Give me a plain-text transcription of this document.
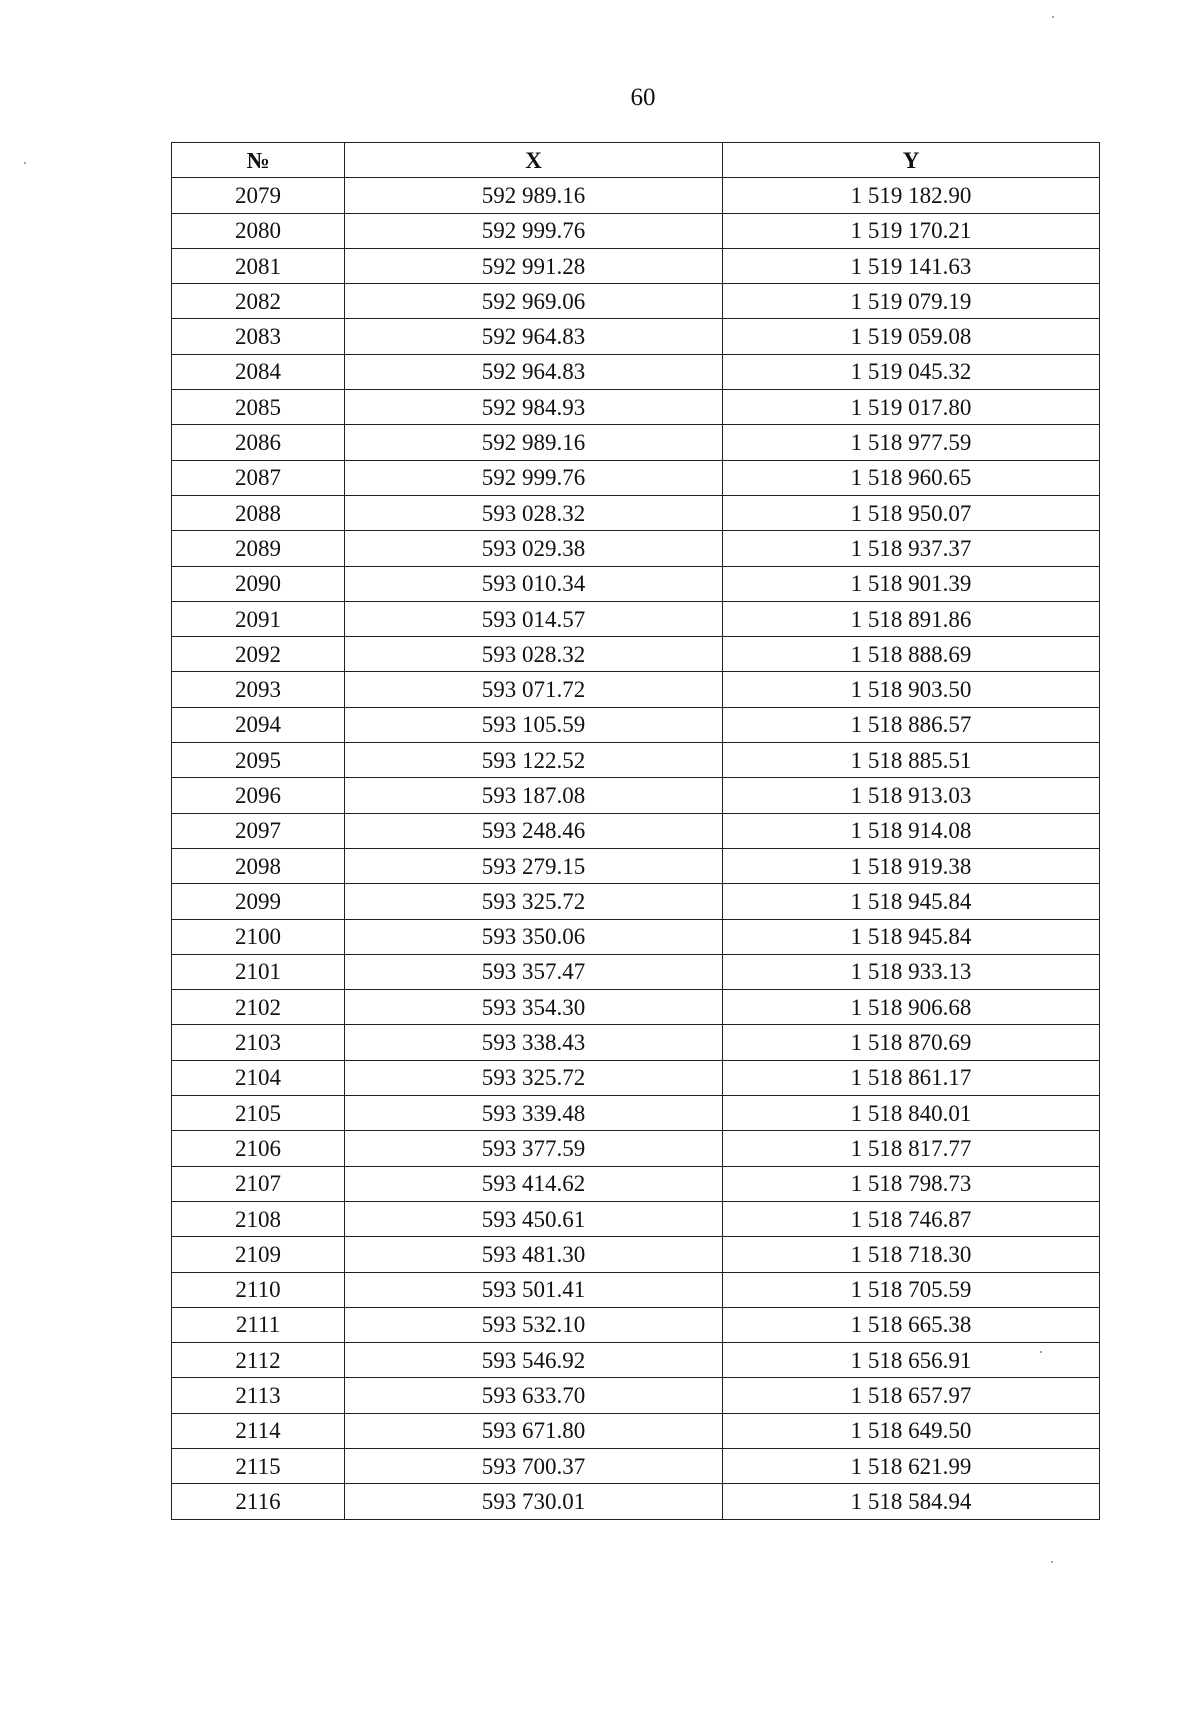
60
№	X	Y
2079	592 989.16	1 519 182.90
2080	592 999.76	1 519 170.21
2081	592 991.28	1 519 141.63
2082	592 969.06	1 519 079.19
2083	592 964.83	1 519 059.08
2084	592 964.83	1 519 045.32
2085	592 984.93	1 519 017.80
2086	592 989.16	1 518 977.59
2087	592 999.76	1 518 960.65
2088	593 028.32	1 518 950.07
2089	593 029.38	1 518 937.37
2090	593 010.34	1 518 901.39
2091	593 014.57	1 518 891.86
2092	593 028.32	1 518 888.69
2093	593 071.72	1 518 903.50
2094	593 105.59	1 518 886.57
2095	593 122.52	1 518 885.51
2096	593 187.08	1 518 913.03
2097	593 248.46	1 518 914.08
2098	593 279.15	1 518 919.38
2099	593 325.72	1 518 945.84
2100	593 350.06	1 518 945.84
2101	593 357.47	1 518 933.13
2102	593 354.30	1 518 906.68
2103	593 338.43	1 518 870.69
2104	593 325.72	1 518 861.17
2105	593 339.48	1 518 840.01
2106	593 377.59	1 518 817.77
2107	593 414.62	1 518 798.73
2108	593 450.61	1 518 746.87
2109	593 481.30	1 518 718.30
2110	593 501.41	1 518 705.59
2111	593 532.10	1 518 665.38
2112	593 546.92	1 518 656.91
2113	593 633.70	1 518 657.97
2114	593 671.80	1 518 649.50
2115	593 700.37	1 518 621.99
2116	593 730.01	1 518 584.94
